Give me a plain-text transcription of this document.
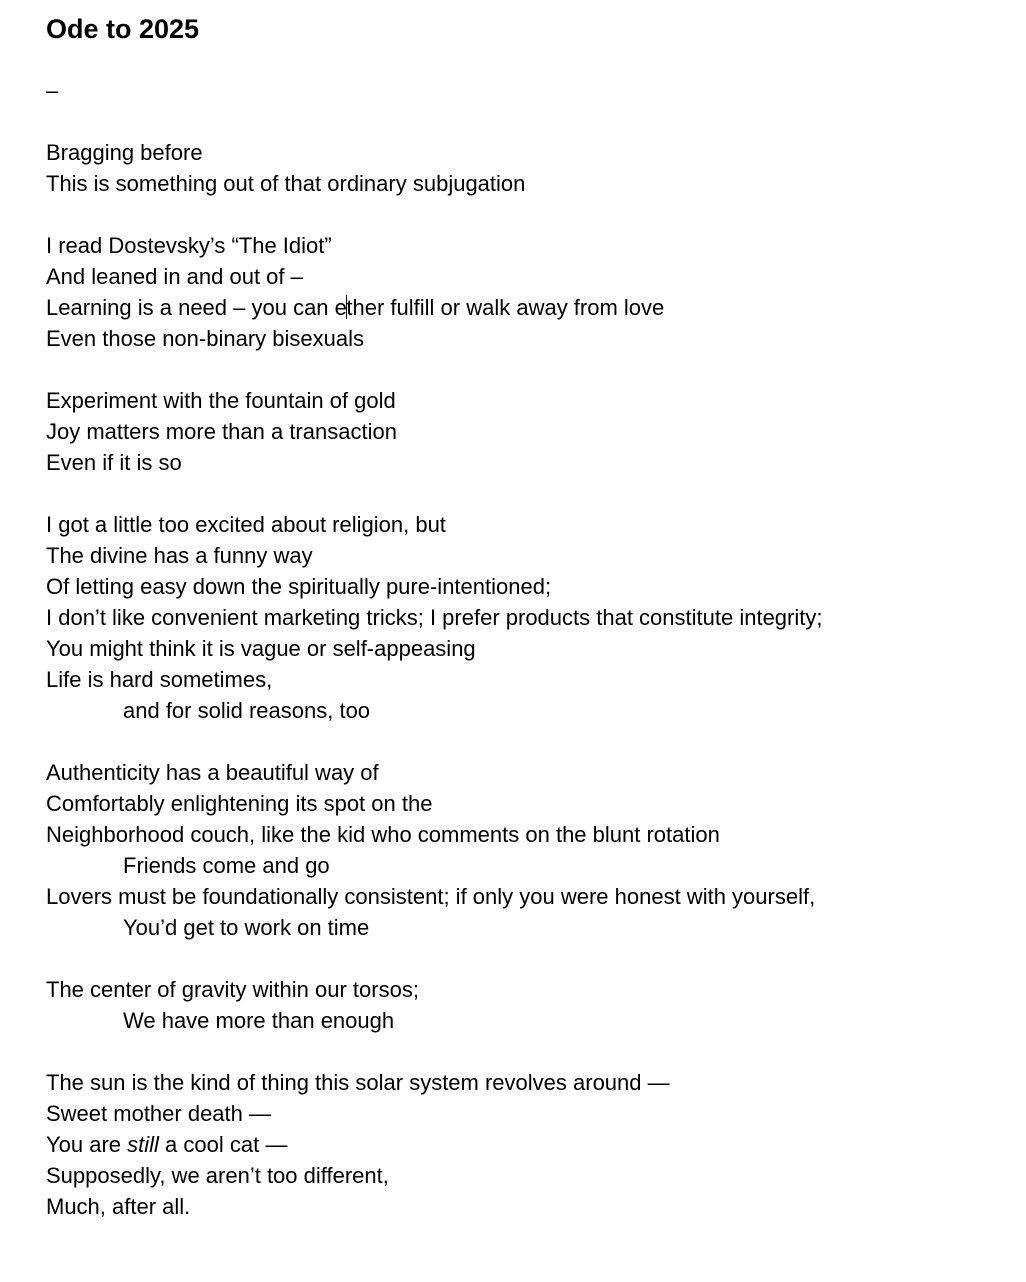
Ode to 2025
–
Bragging before
This is something out of that ordinary subjugation
I read Dostevsky’s “The Idiot”
And leaned in and out of –
Learning is a need – you can ether fulfill or walk away from love
Even those non-binary bisexuals
Experiment with the fountain of gold
Joy matters more than a transaction
Even if it is so
I got a little too excited about religion, but
The divine has a funny way
Of letting easy down the spiritually pure-intentioned;
I don’t like convenient marketing tricks; I prefer products that constitute integrity;
You might think it is vague or self-appeasing
Life is hard sometimes,
and for solid reasons, too
Authenticity has a beautiful way of
Comfortably enlightening its spot on the
Neighborhood couch, like the kid who comments on the blunt rotation
Friends come and go
Lovers must be foundationally consistent; if only you were honest with yourself,
You’d get to work on time
The center of gravity within our torsos;
We have more than enough
The sun is the kind of thing this solar system revolves around —
Sweet mother death —
You are still a cool cat —
Supposedly, we aren’t too different,
Much, after all.
